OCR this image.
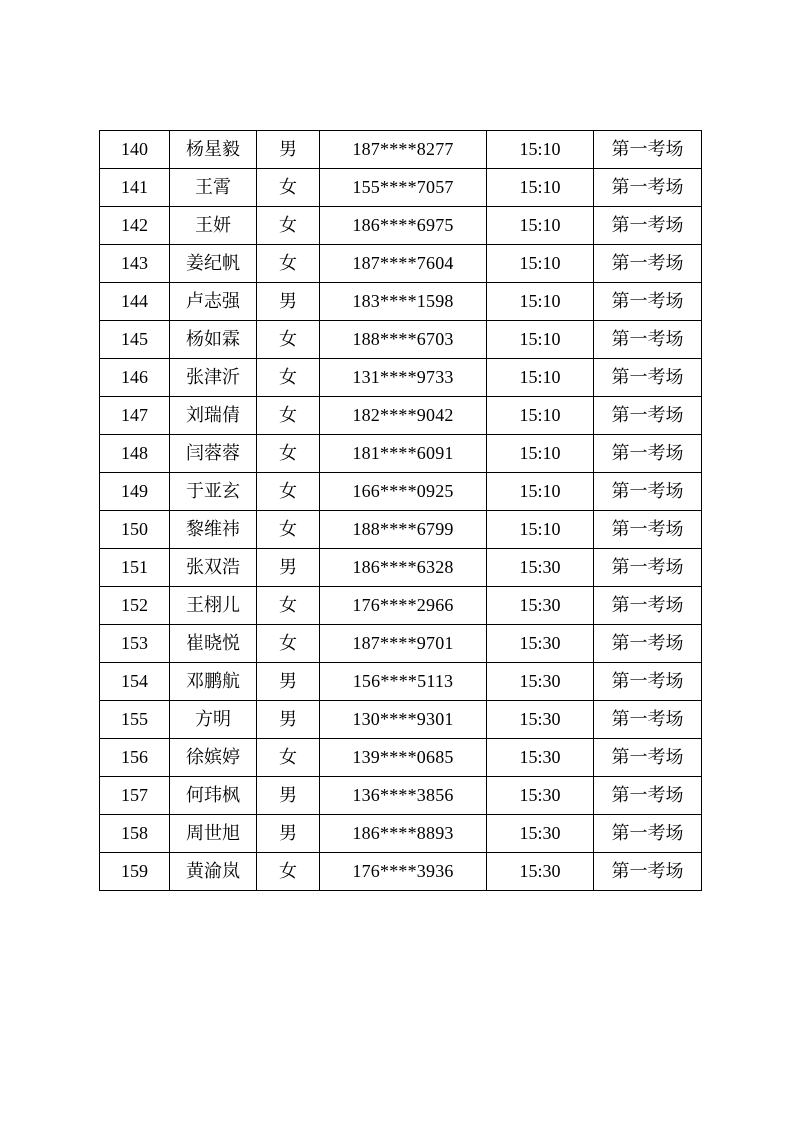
140	杨星毅	男	187****8277	15:10	第一考场
141	王霄	女	155****7057	15:10	第一考场
142	王妍	女	186****6975	15:10	第一考场
143	姜纪帆	女	187****7604	15:10	第一考场
144	卢志强	男	183****1598	15:10	第一考场
145	杨如霖	女	188****6703	15:10	第一考场
146	张津沂	女	131****9733	15:10	第一考场
147	刘瑞倩	女	182****9042	15:10	第一考场
148	闫蓉蓉	女	181****6091	15:10	第一考场
149	于亚玄	女	166****0925	15:10	第一考场
150	黎维祎	女	188****6799	15:10	第一考场
151	张双浩	男	186****6328	15:30	第一考场
152	王栩儿	女	176****2966	15:30	第一考场
153	崔晓悦	女	187****9701	15:30	第一考场
154	邓鹏航	男	156****5113	15:30	第一考场
155	方明	男	130****9301	15:30	第一考场
156	徐嫔婷	女	139****0685	15:30	第一考场
157	何玮枫	男	136****3856	15:30	第一考场
158	周世旭	男	186****8893	15:30	第一考场
159	黄渝岚	女	176****3936	15:30	第一考场
